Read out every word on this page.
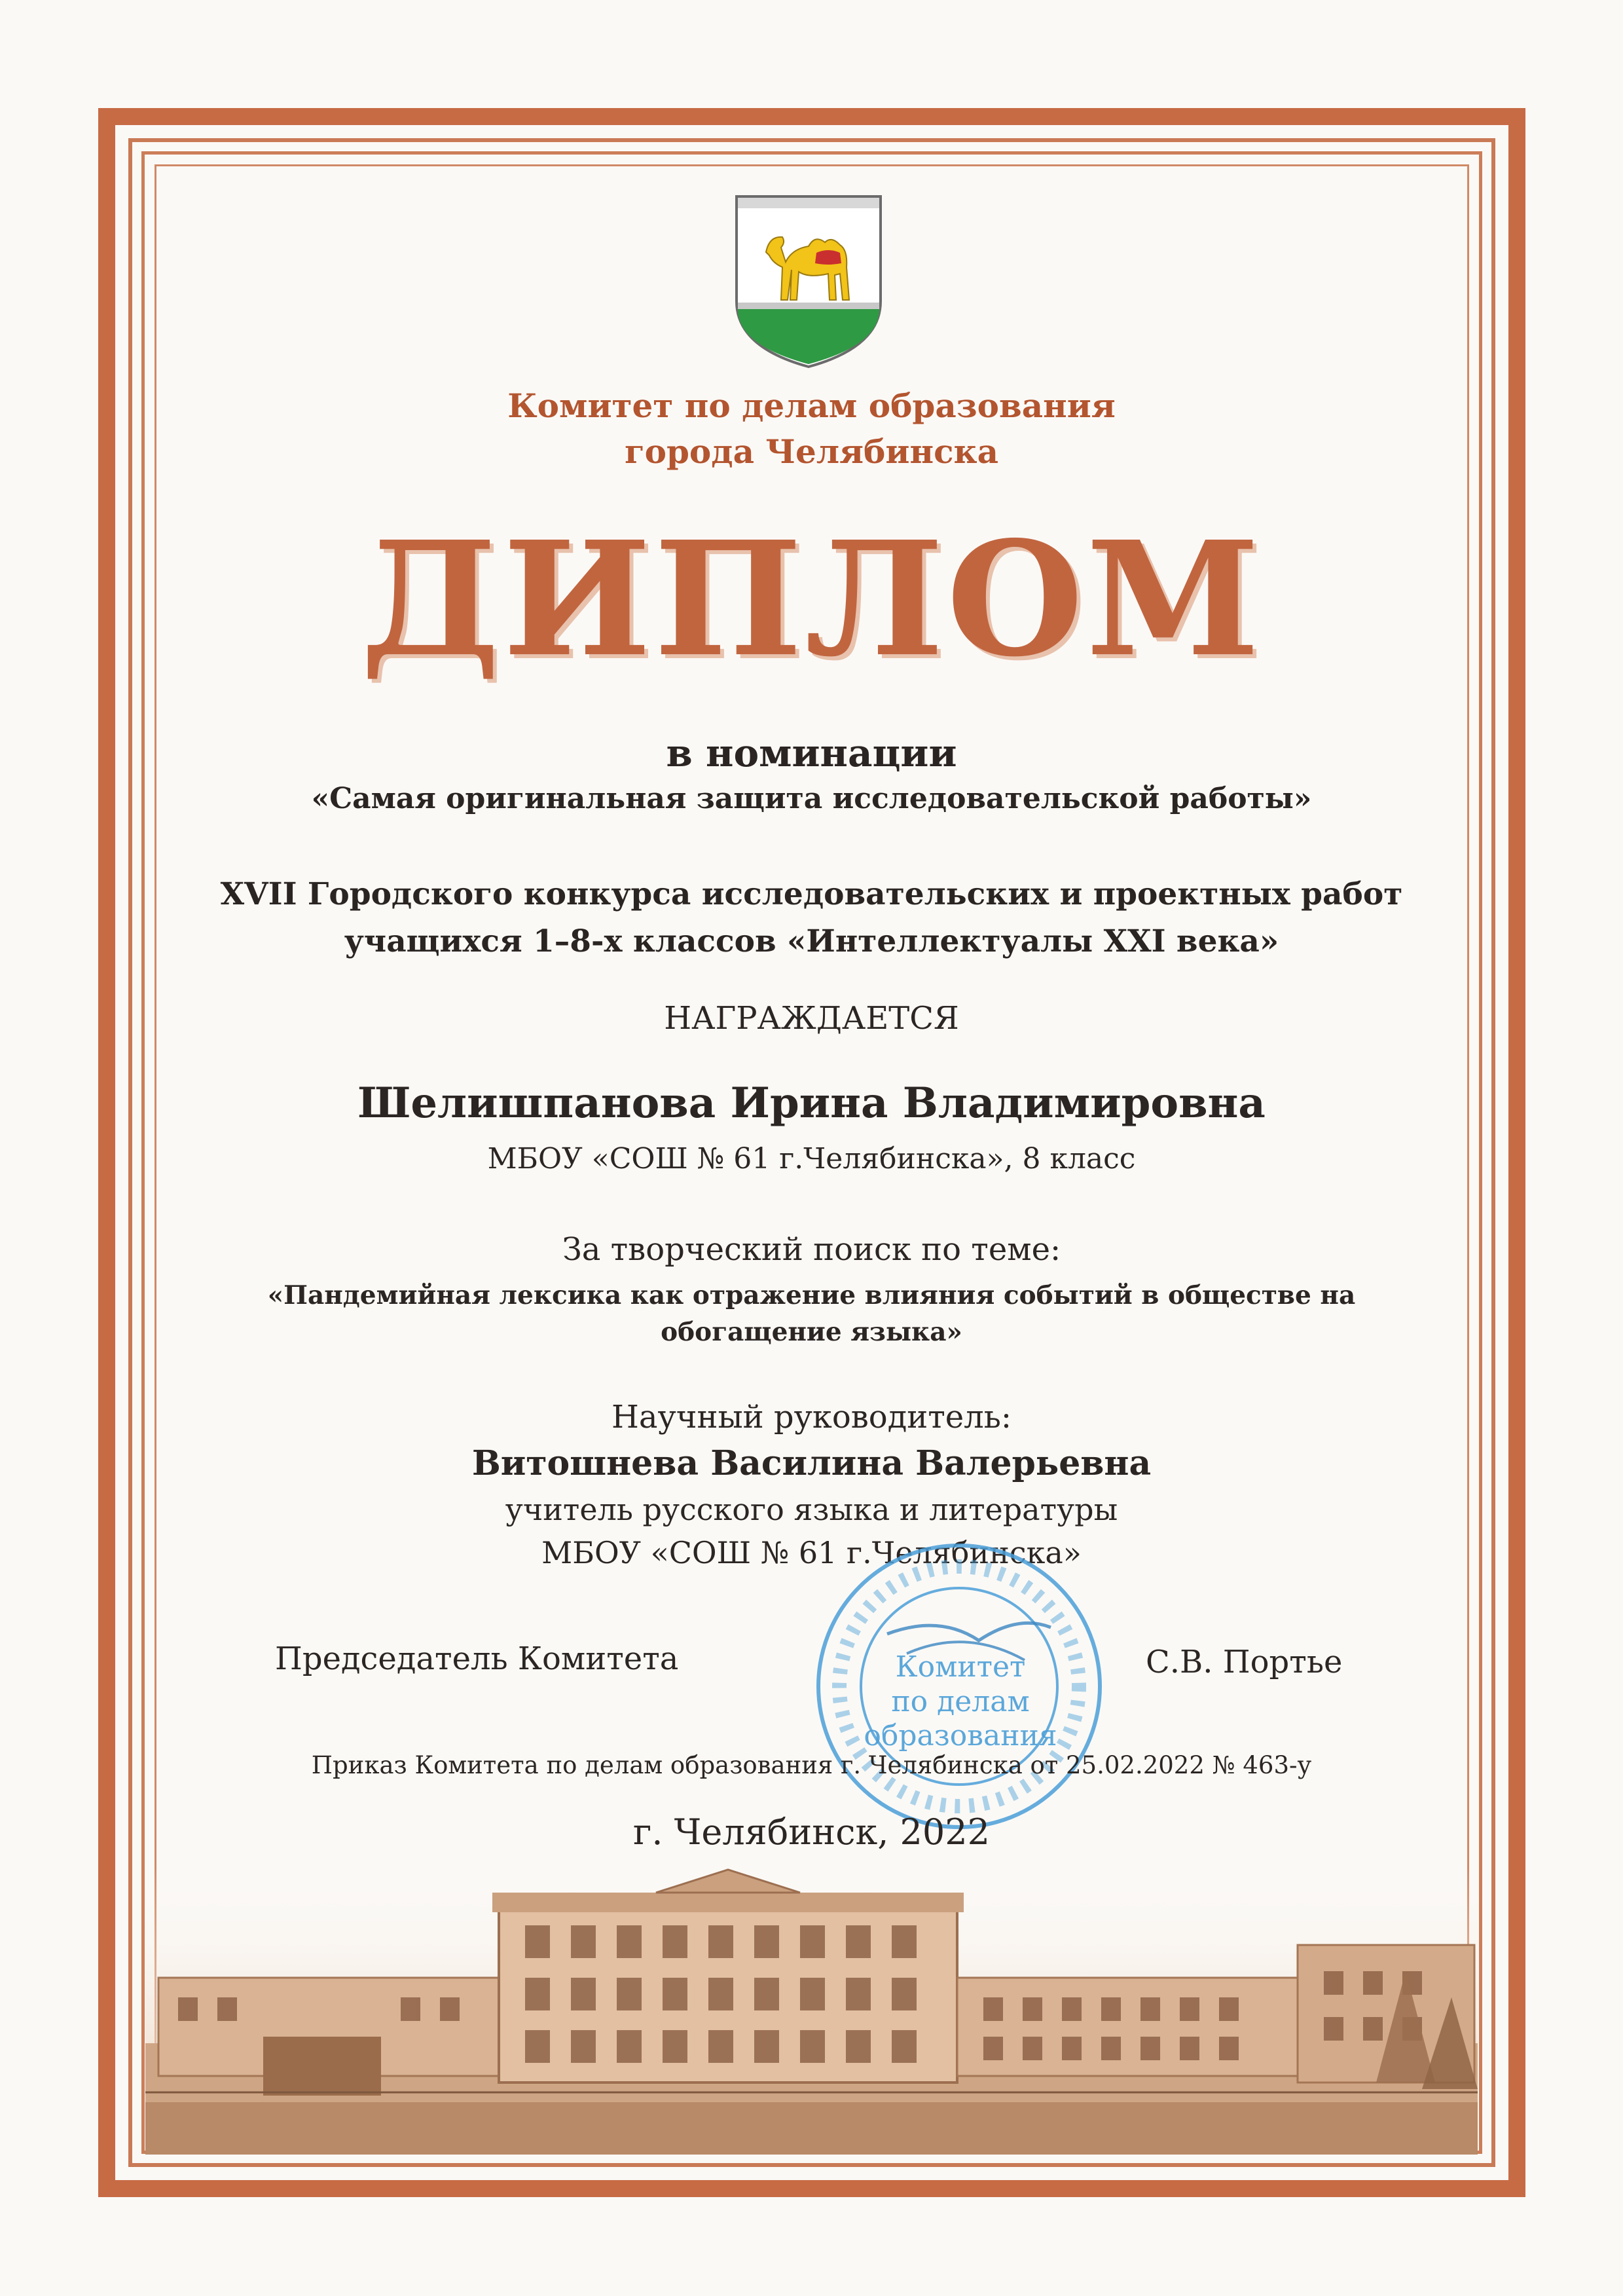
Комитет по делам образования
города Челябинска
ДИПЛОМ
в номинации
«Самая оригинальная защита исследовательской работы»
XVII Городского конкурса исследовательских и проектных работ
учащихся 1–8-х классов «Интеллектуалы XXI века»
НАГРАЖДАЕТСЯ
Шелишпанова Ирина Владимировна
МБОУ «СОШ № 61 г.Челябинска», 8 класс
За творческий поиск по теме:
«Пандемийная лексика как отражение влияния событий в обществе на обогащение языка»
Научный руководитель:
Витошнева Василина Валерьевна
учитель русского языка и литературы
МБОУ «СОШ № 61 г.Челябинска»
Председатель Комитета	С.В. Портье
Комитет
по делам
образования
Приказ Комитета по делам образования г. Челябинска от 25.02.2022 № 463-у
г. Челябинск, 2022
